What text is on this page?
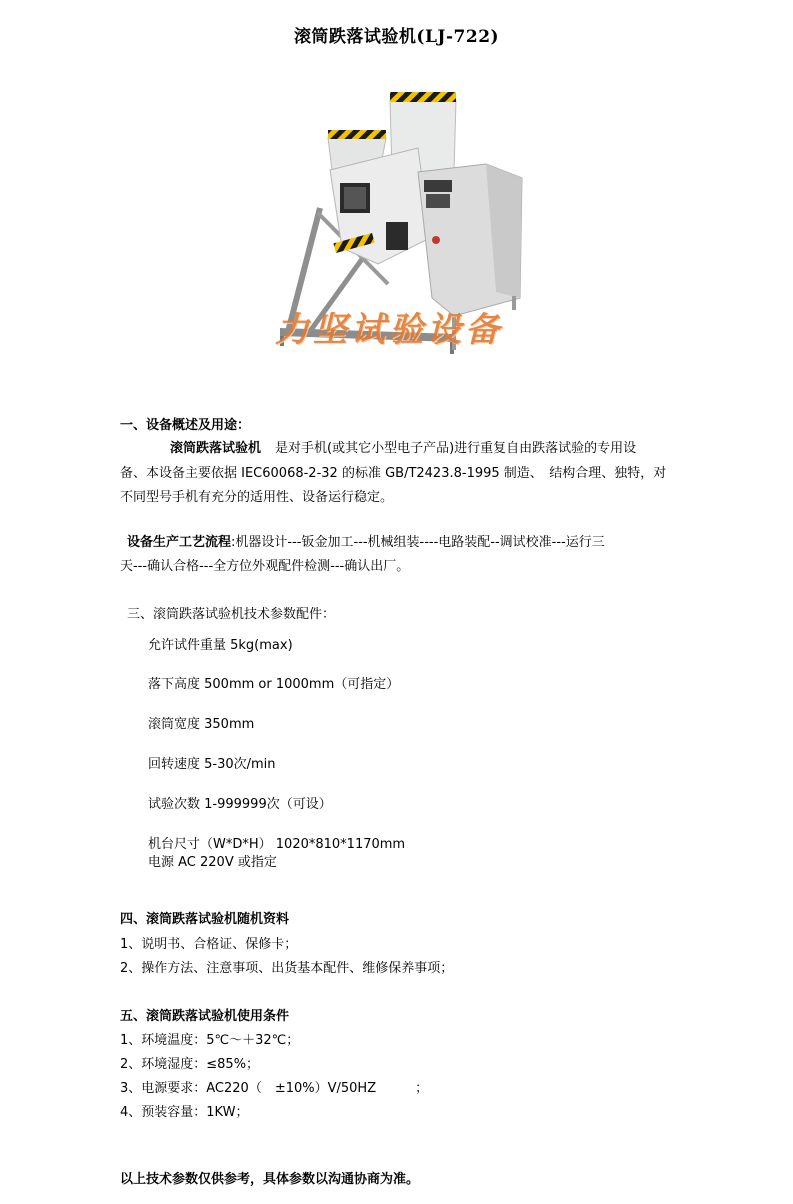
滚筒跌落试验机(LJ-722)
力坚试验设备
一、设备概述及用途：
滚筒跌落试验机 是对手机(或其它小型电子产品)进行重复自由跌落试验的专用设
备、本设备主要依据 IEC60068-2-32 的标准 GB/T2423.8-1995 制造、　结构合理、独特，对
不同型号手机有充分的适用性、设备运行稳定。
设备生产工艺流程:机器设计---钣金加工---机械组装----电路装配--调试校准---运行三
天---确认合格---全方位外观配件检测---确认出厂。
三、滚筒跌落试验机技术参数配件：
允许试件重量 5kg(max)
落下高度 500mm or 1000mm（可指定）
滚筒宽度 350mm
回转速度 5-30次/min
试验次数 1-999999次（可设）
机台尺寸（W*D*H） 1020*810*1170mm
电源 AC 220V 或指定
四、滚筒跌落试验机随机资料
1、说明书、合格证、保修卡；
2、操作方法、注意事项、出货基本配件、维修保养事项；
五、滚筒跌落试验机使用条件
1、环境温度：5℃～＋32℃；
2、环境湿度：≤85%；
3、电源要求：AC220（　±10%）V/50HZ　　　；
4、预装容量：1KW；
以上技术参数仅供参考，具体参数以沟通协商为准。
